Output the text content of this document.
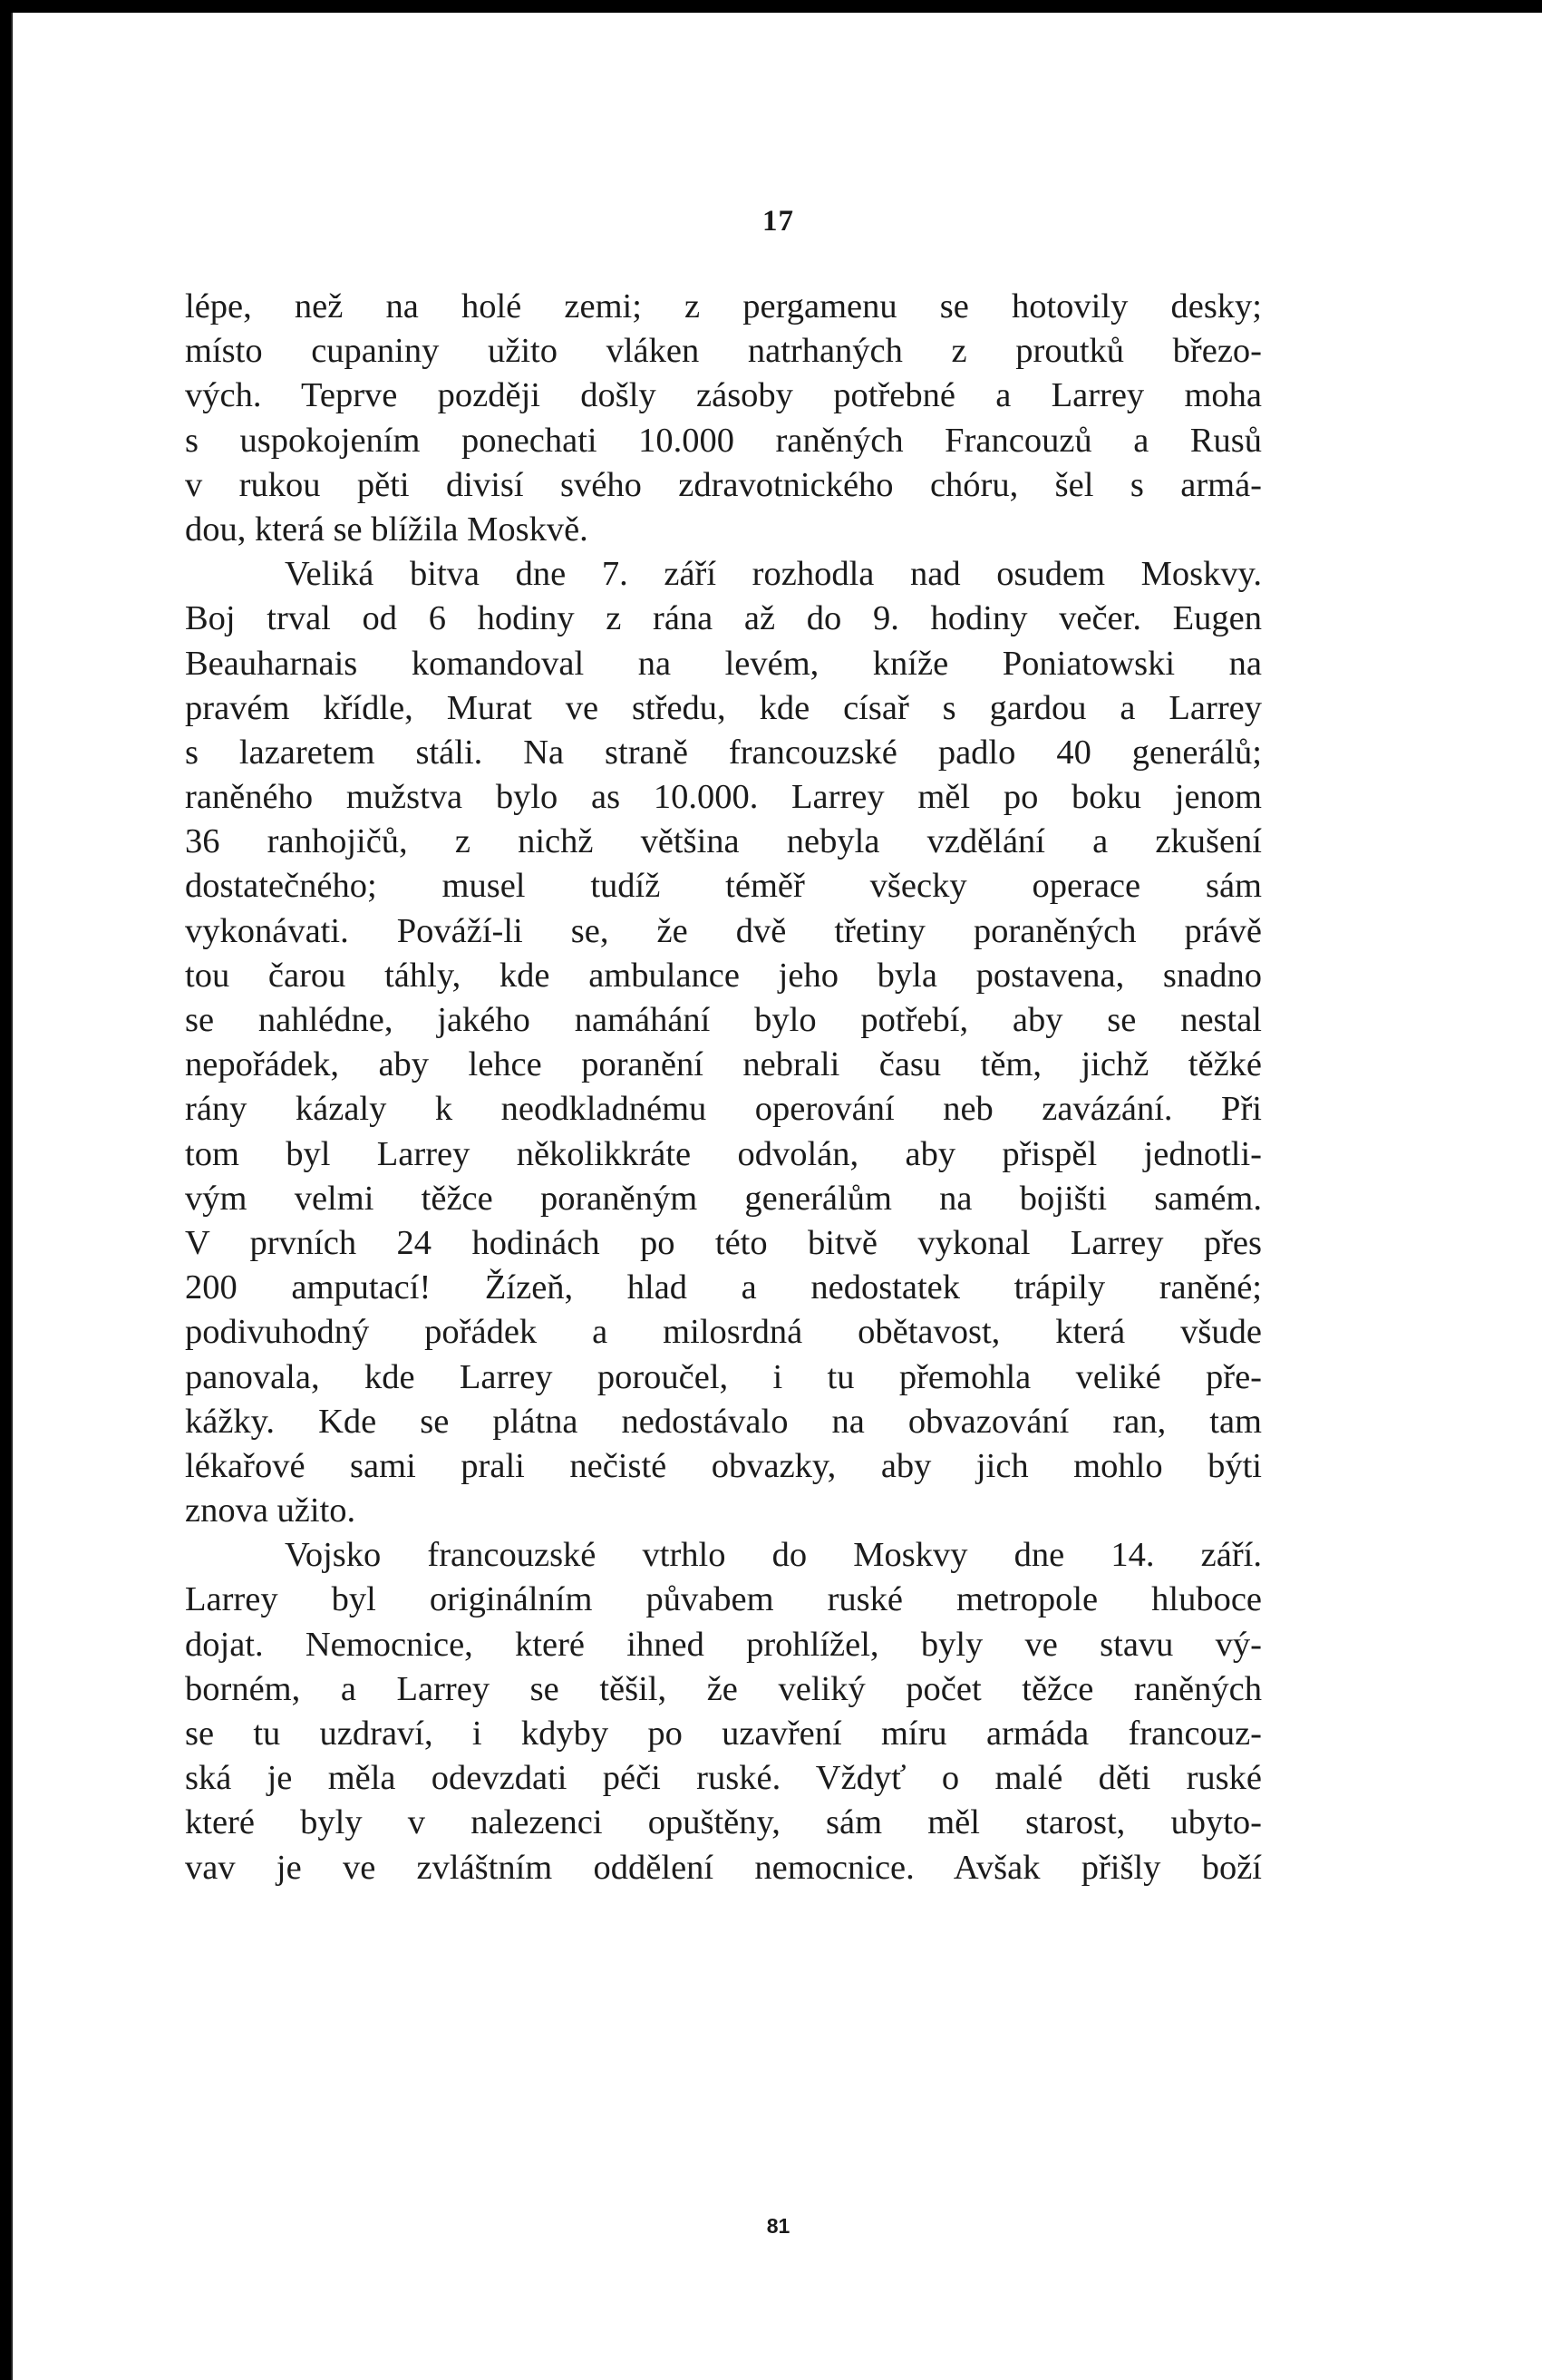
17
lépe, než na holé zemi; z pergamenu se hotovily desky;
místo cupaniny užito vláken natrhaných z proutků březo-
vých. Teprve později došly zásoby potřebné a Larrey moha
s uspokojením ponechati 10.000 raněných Francouzů a Rusů
v rukou pěti divisí svého zdravotnického chóru, šel s armá-
dou, která se blížila Moskvě.
Veliká bitva dne 7. září rozhodla nad osudem Moskvy.
Boj trval od 6 hodiny z rána až do 9. hodiny večer. Eugen
Beauharnais komandoval na levém, kníže Poniatowski na
pravém křídle, Murat ve středu, kde císař s gardou a Larrey
s lazaretem stáli. Na straně francouzské padlo 40 generálů;
raněného mužstva bylo as 10.000. Larrey měl po boku jenom
36 ranhojičů, z nichž většina nebyla vzdělání a zkušení
dostatečného; musel tudíž téměř všecky operace sám
vykonávati. Pováží-li se, že dvě třetiny poraněných právě
tou čarou táhly, kde ambulance jeho byla postavena, snadno
se nahlédne, jakého namáhání bylo potřebí, aby se nestal
nepořádek, aby lehce poranění nebrali času těm, jichž těžké
rány kázaly k neodkladnému operování neb zavázání. Při
tom byl Larrey několikkráte odvolán, aby přispěl jednotli-
vým velmi těžce poraněným generálům na bojišti samém.
V prvních 24 hodinách po této bitvě vykonal Larrey přes
200 amputací! Žízeň, hlad a nedostatek trápily raněné;
podivuhodný pořádek a milosrdná obětavost, která všude
panovala, kde Larrey poroučel, i tu přemohla veliké pře-
kážky. Kde se plátna nedostávalo na obvazování ran, tam
lékařové sami prali nečisté obvazky, aby jich mohlo býti
znova užito.
Vojsko francouzské vtrhlo do Moskvy dne 14. září.
Larrey byl originálním půvabem ruské metropole hluboce
dojat. Nemocnice, které ihned prohlížel, byly ve stavu vý-
borném, a Larrey se těšil, že veliký počet těžce raněných
se tu uzdraví, i kdyby po uzavření míru armáda francouz-
ská je měla odevzdati péči ruské. Vždyť o malé děti ruské
které byly v nalezenci opuštěny, sám měl starost, ubyto-
vav je ve zvláštním oddělení nemocnice. Avšak přišly boží
81
